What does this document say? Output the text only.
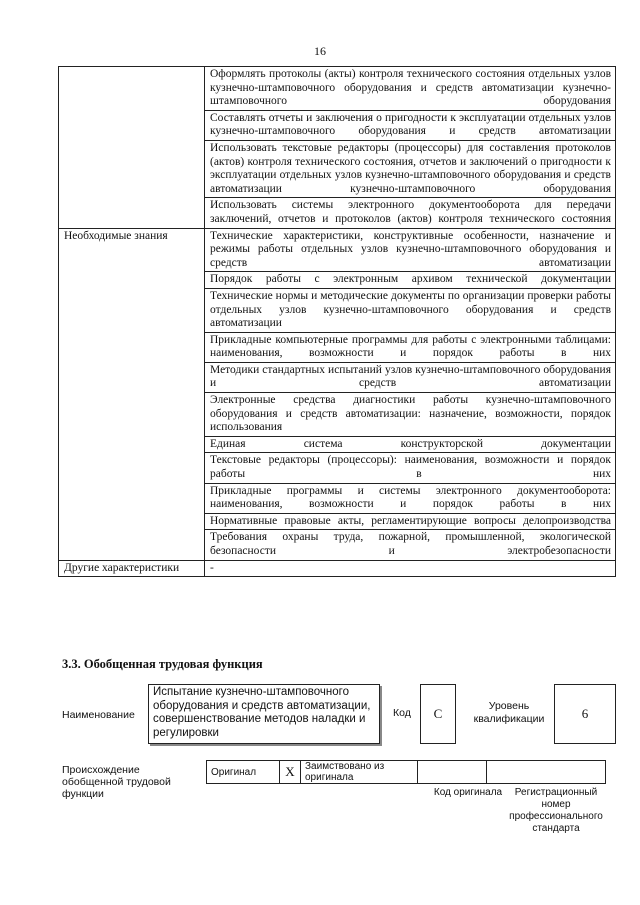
16
	Оформлять протоколы (акты) контроля технического состояния отдельных узлов кузнечно-штамповочного оборудования и средств автоматизации кузнечно-штамповочного оборудования
	Составлять отчеты и заключения о пригодности к эксплуатации отдельных узлов кузнечно-штамповочного оборудования и средств автоматизации
	Использовать текстовые редакторы (процессоры) для составления протоколов (актов) контроля технического состояния, отчетов и заключений о пригодности к эксплуатации отдельных узлов кузнечно-штамповочного оборудования и средств автоматизации кузнечно-штамповочного оборудования
	Использовать системы электронного документооборота для передачи заключений, отчетов и протоколов (актов) контроля технического состояния
Необходимые знания	Технические характеристики, конструктивные особенности, назначение и режимы работы отдельных узлов кузнечно-штамповочного оборудования и средств автоматизации
	Порядок работы с электронным архивом технической документации
	Технические нормы и методические документы по организации проверки работы отдельных узлов кузнечно-штамповочного оборудования и средств автоматизации
	Прикладные компьютерные программы для работы с электронными таблицами: наименования, возможности и порядок работы в них
	Методики стандартных испытаний узлов кузнечно-штамповочного оборудования и средств автоматизации
	Электронные средства диагностики работы кузнечно-штамповочного оборудования и средств автоматизации: назначение, возможности, порядок использования
	Единая система конструкторской документации
	Текстовые редакторы (процессоры): наименования, возможности и порядок работы в них
	Прикладные программы и системы электронного документооборота: наименования, возможности и порядок работы в них
	Нормативные правовые акты, регламентирующие вопросы делопроизводства
	Требования охраны труда, пожарной, промышленной, экологической безопасности и электробезопасности
Другие характеристики	-
3.3. Обобщенная трудовая функция
Наименование
Испытание кузнечно-штамповочного оборудования и средств автоматизации, совершенствование методов наладки и регулировки
Код	С	Уровень квалификации	6
Происхождение обобщенной трудовой функции
Оригинал	X	Заимствовано из оригинала		
Код оригинала	Регистрационный номер профессионального стандарта
